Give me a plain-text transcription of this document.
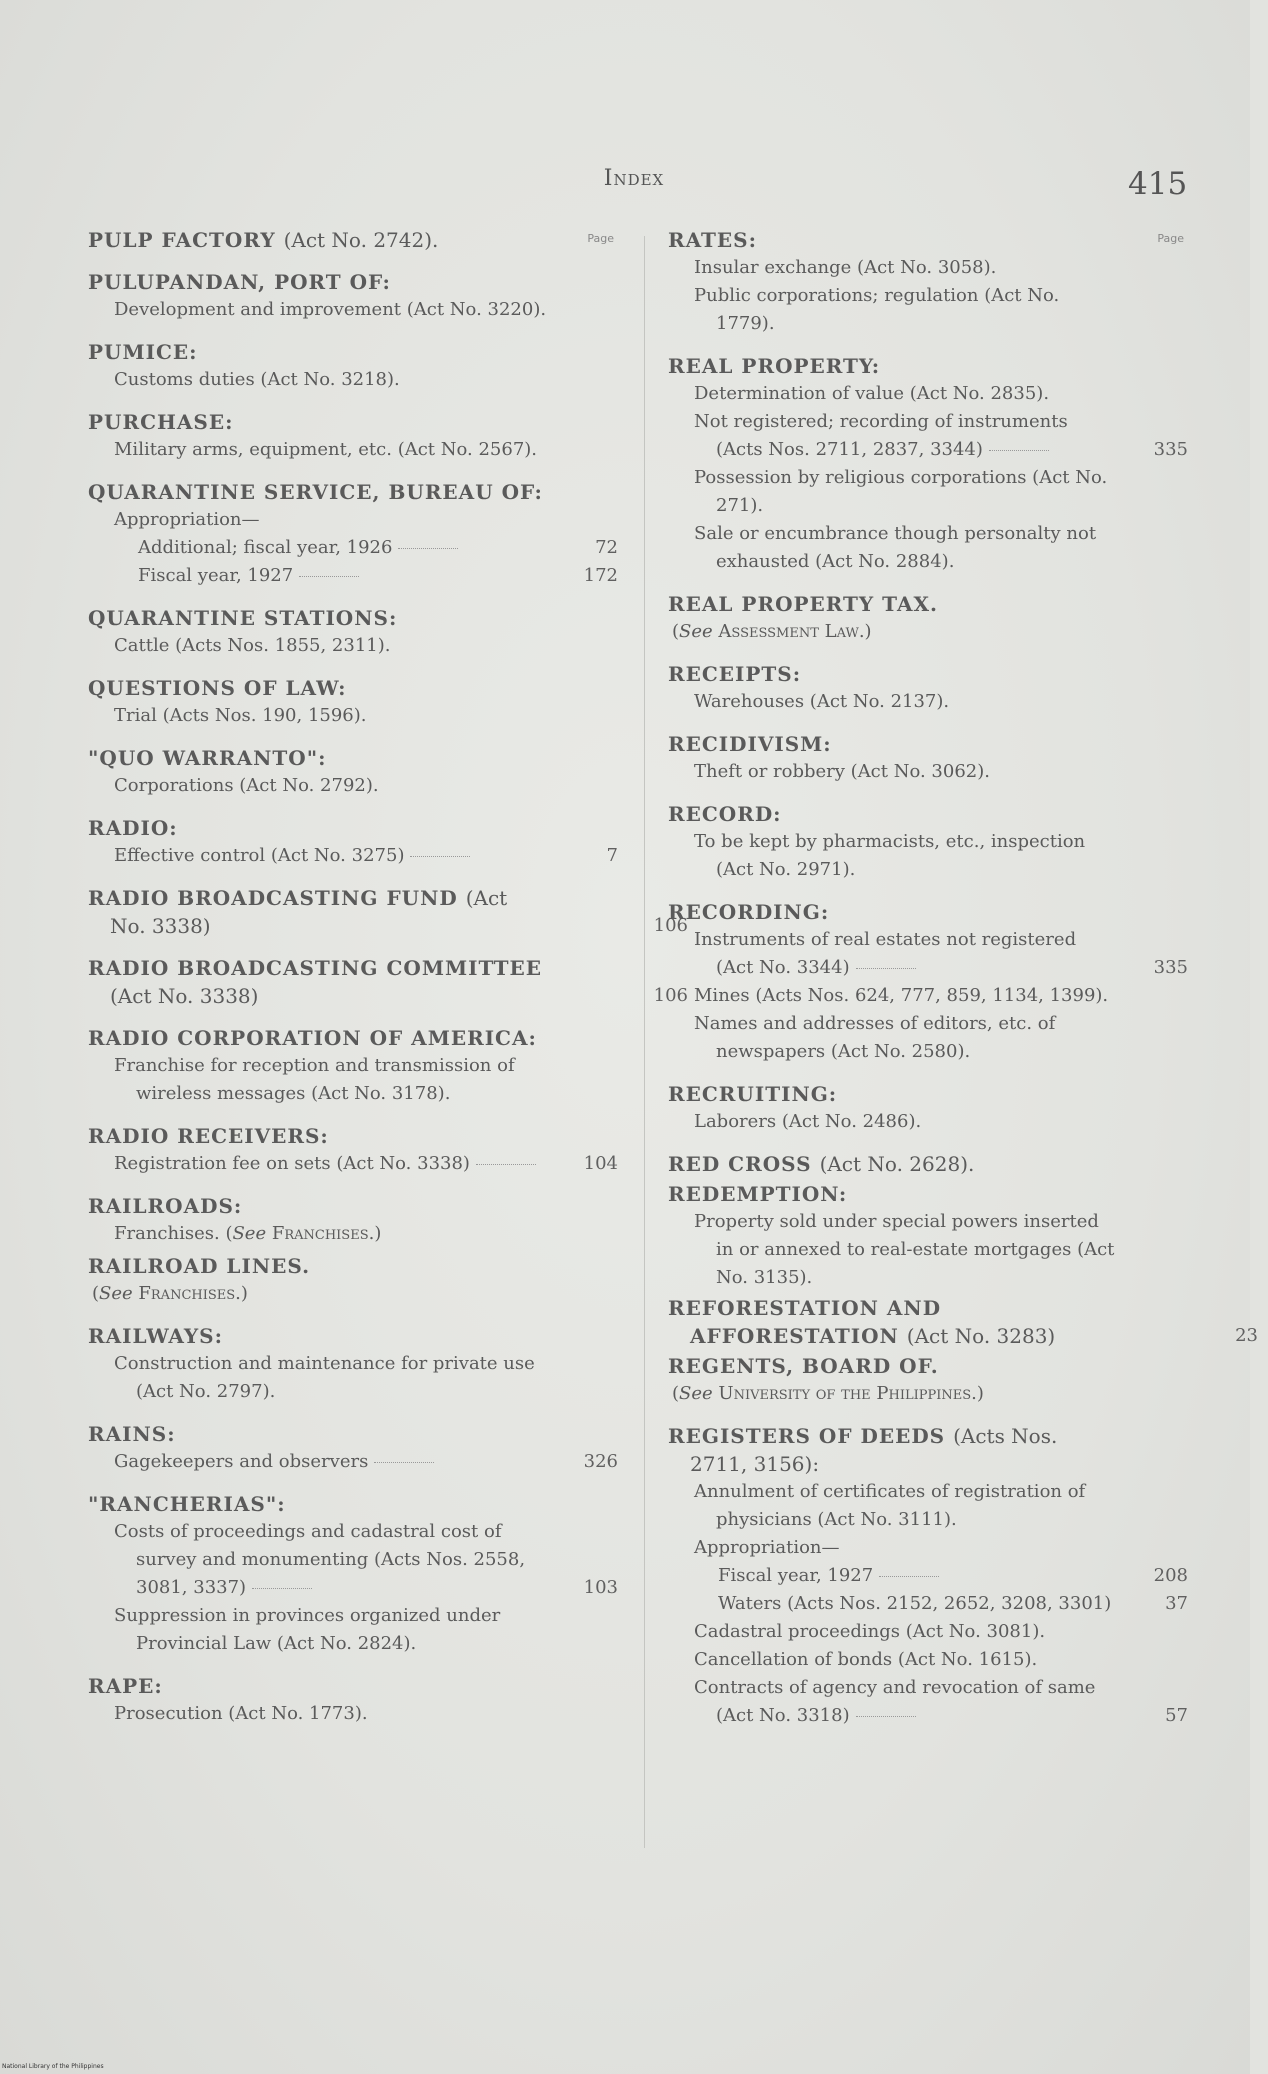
Index	415
Page
PULP FACTORY (Act No. 2742).
PULUPANDAN, PORT OF:
Development and improvement (Act No. 3220).
PUMICE:
Customs duties (Act No. 3218).
PURCHASE:
Military arms, equipment, etc. (Act No. 2567).
QUARANTINE SERVICE, BUREAU OF:
Appropriation—
Additional; fiscal year, 1926	72
Fiscal year, 1927	172
QUARANTINE STATIONS:
Cattle (Acts Nos. 1855, 2311).
QUESTIONS OF LAW:
Trial (Acts Nos. 190, 1596).
"QUO WARRANTO":
Corporations (Act No. 2792).
RADIO:
Effective control (Act No. 3275)	7
RADIO BROADCASTING FUND (Act No. 3338)	106
RADIO BROADCASTING COMMITTEE (Act No. 3338)	106
RADIO CORPORATION OF AMERICA:
Franchise for reception and transmission of wireless messages (Act No. 3178).
RADIO RECEIVERS:
Registration fee on sets (Act No. 3338)	104
RAILROADS:
Franchises. (See Franchises.)
RAILROAD LINES.
(See Franchises.)
RAILWAYS:
Construction and maintenance for private use (Act No. 2797).
RAINS:
Gagekeepers and observers	326
"RANCHERIAS":
Costs of proceedings and cadastral cost of survey and monumenting (Acts Nos. 2558, 3081, 3337)	103
Suppression in provinces organized under Provincial Law (Act No. 2824).
RAPE:
Prosecution (Act No. 1773).
Page
RATES:
Insular exchange (Act No. 3058).
Public corporations; regulation (Act No. 1779).
REAL PROPERTY:
Determination of value (Act No. 2835).
Not registered; recording of instruments (Acts Nos. 2711, 2837, 3344)	335
Possession by religious corporations (Act No. 271).
Sale or encumbrance though personalty not exhausted (Act No. 2884).
REAL PROPERTY TAX.
(See Assessment Law.)
RECEIPTS:
Warehouses (Act No. 2137).
RECIDIVISM:
Theft or robbery (Act No. 3062).
RECORD:
To be kept by pharmacists, etc., inspection (Act No. 2971).
RECORDING:
Instruments of real estates not registered (Act No. 3344)	335
Mines (Acts Nos. 624, 777, 859, 1134, 1399).
Names and addresses of editors, etc. of newspapers (Act No. 2580).
RECRUITING:
Laborers (Act No. 2486).
RED CROSS (Act No. 2628).
REDEMPTION:
Property sold under special powers inserted in or annexed to real-estate mortgages (Act No. 3135).
REFORESTATION AND AFFORESTATION (Act No. 3283)	23
REGENTS, BOARD OF.
(See University of the Philippines.)
REGISTERS OF DEEDS (Acts Nos. 2711, 3156):
Annulment of certificates of registration of physicians (Act No. 3111).
Appropriation—
Fiscal year, 1927	208
Waters (Acts Nos. 2152, 2652, 3208, 3301)	37
Cadastral proceedings (Act No. 3081).
Cancellation of bonds (Act No. 1615).
Contracts of agency and revocation of same (Act No. 3318)	57
National Library of the Philippines
